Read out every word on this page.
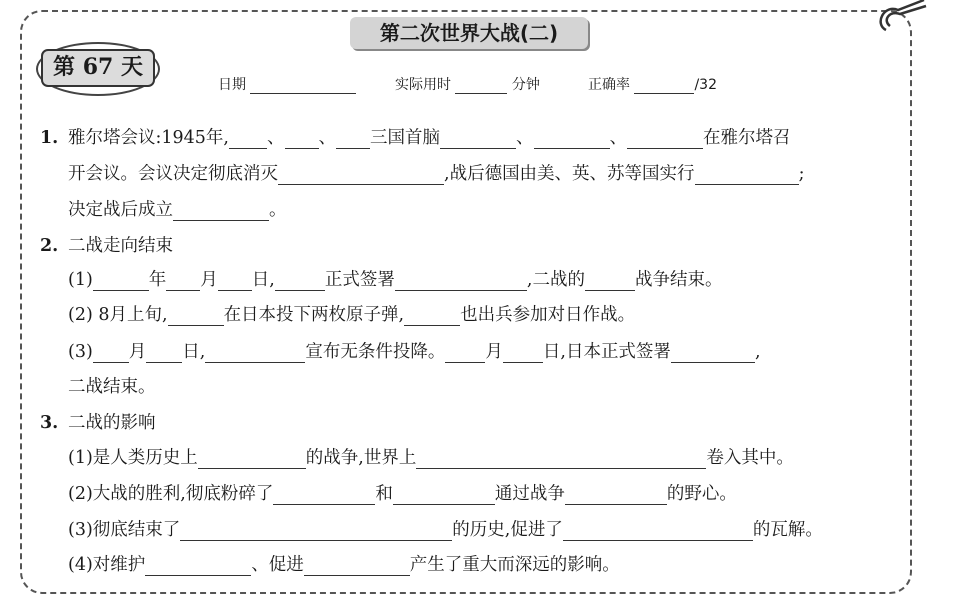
第 67 天
第二次世界大战(二)
日期	实际用时	分钟	正确率	/32
1. 雅尔塔会议:1945年, 、 、 三国首脑	、	、	在雅尔塔召
开会议。会议决定彻底消灭	,战后德国由美、英、苏等国实行	;
决定战后成立	。
2. 二战走向结束
(1)	年 月 日,	正式签署	,二战的	战争结束。
(2) 8月上旬,	在日本投下两枚原子弹,	也出兵参加对日作战。
(3) 月 日,	宣布无条件投降。 月 日,日本正式签署	,
二战结束。
3. 二战的影响
(1)是人类历史上	的战争,世界上	卷入其中。
(2)大战的胜利,彻底粉碎了	和	通过战争	的野心。
(3)彻底结束了	的历史,促进了	的瓦解。
(4)对维护	、促进	产生了重大而深远的影响。
